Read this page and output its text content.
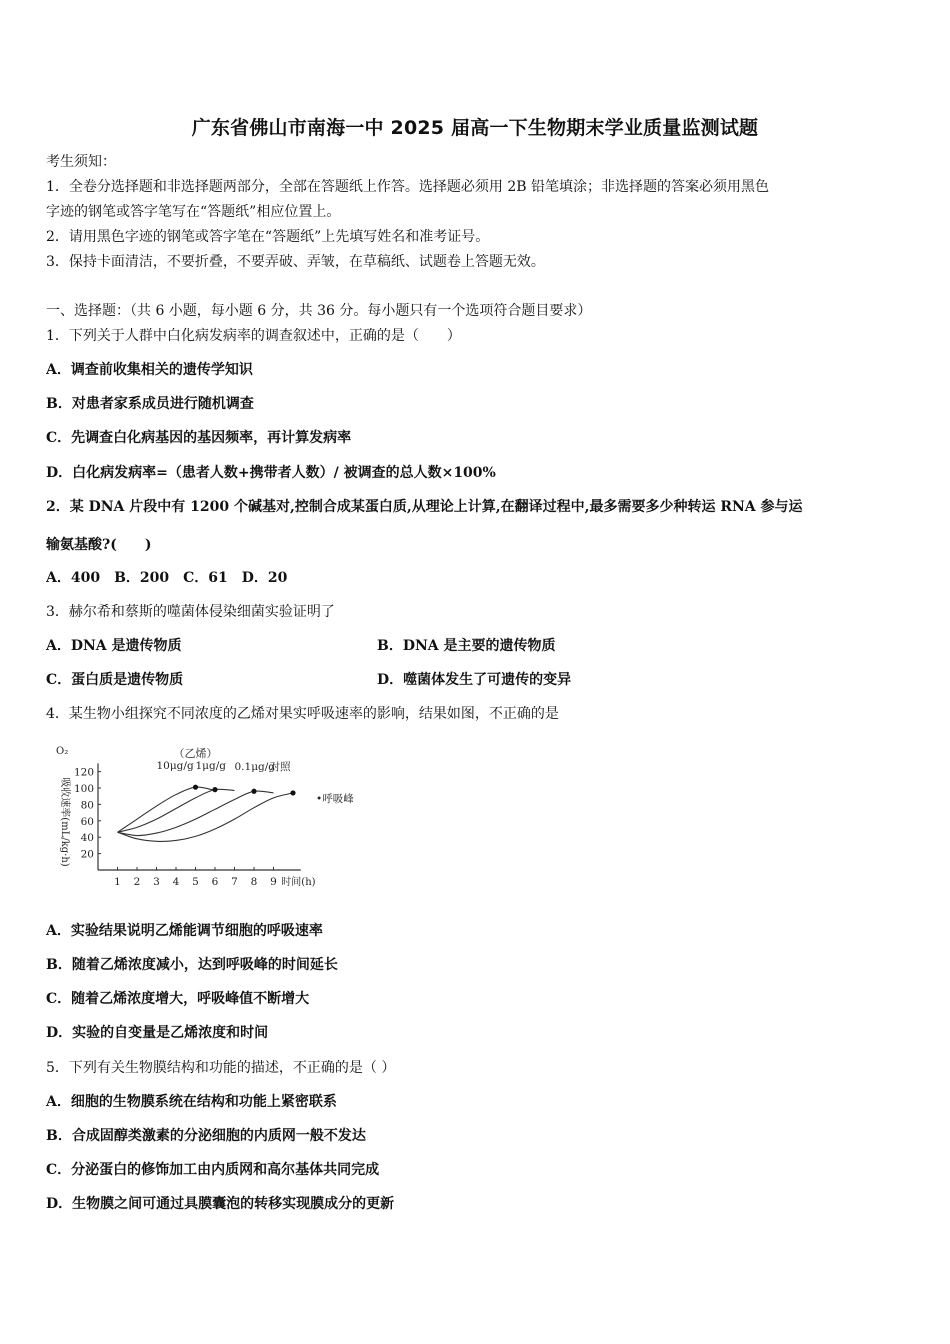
广东省佛山市南海一中 2025 届高一下生物期末学业质量监测试题
考生须知：
1．全卷分选择题和非选择题两部分，全部在答题纸上作答。选择题必须用 2B 铅笔填涂；非选择题的答案必须用黑色
字迹的钢笔或答字笔写在“答题纸”相应位置上。
2．请用黑色字迹的钢笔或答字笔在“答题纸”上先填写姓名和准考证号。
3．保持卡面清洁，不要折叠，不要弄破、弄皱，在草稿纸、试题卷上答题无效。
一、选择题：（共 6 小题，每小题 6 分，共 36 分。每小题只有一个选项符合题目要求）
1．下列关于人群中白化病发病率的调查叙述中，正确的是（　　）
A．调查前收集相关的遗传学知识
B．对患者家系成员进行随机调查
C．先调查白化病基因的基因频率，再计算发病率
D．白化病发病率=（患者人数+携带者人数）/ 被调查的总人数×100%
2．某 DNA 片段中有 1200 个碱基对,控制合成某蛋白质,从理论上计算,在翻译过程中,最多需要多少种转运 RNA 参与运
输氨基酸?(　　)
A．400　B．200　C．61　D．20
3．赫尔希和蔡斯的噬菌体侵染细菌实验证明了
A．DNA 是遗传物质	B．DNA 是主要的遗传物质
C．蛋白质是遗传物质	D．噬菌体发生了可遗传的变异
4．某生物小组探究不同浓度的乙烯对果实呼吸速率的影响，结果如图，不正确的是
20
40
60
80
100
120
1 2 3 4 5 6 7 8 9 时间(h)
O₂
吸收速率(mL/kg·h)
（乙烯）
•呼吸峰
10μg/g 1μg/g 0.1μg/g
对照
A．实验结果说明乙烯能调节细胞的呼吸速率
B．随着乙烯浓度减小，达到呼吸峰的时间延长
C．随着乙烯浓度增大，呼吸峰值不断增大
D．实验的自变量是乙烯浓度和时间
5．下列有关生物膜结构和功能的描述，不正确的是（ ）
A．细胞的生物膜系统在结构和功能上紧密联系
B．合成固醇类激素的分泌细胞的内质网一般不发达
C．分泌蛋白的修饰加工由内质网和高尔基体共同完成
D．生物膜之间可通过具膜囊泡的转移实现膜成分的更新
